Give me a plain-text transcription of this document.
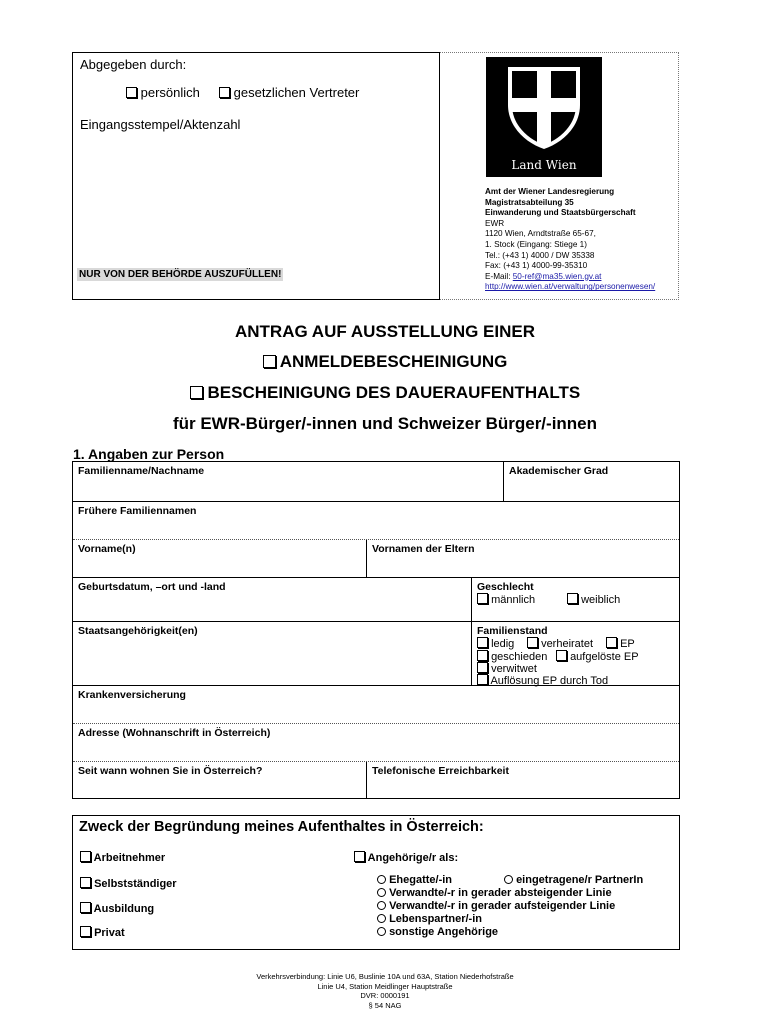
Abgegeben durch:
persönlich	gesetzlichen Vertreter
Eingangsstempel/Aktenzahl
NUR VON DER BEHÖRDE AUSZUFÜLLEN!
Land Wien
Amt der Wiener Landesregierung
Magistratsabteilung 35
Einwanderung und Staatsbürgerschaft
EWR
1120 Wien, Arndtstraße 65-67,
1. Stock (Eingang: Stiege 1)
Tel.: (+43 1) 4000 / DW 35338
Fax: (+43 1) 4000-99-35310
E-Mail: 50-ref@ma35.wien.gv.at
http://www.wien.at/verwaltung/personenwesen/
ANTRAG AUF AUSSTELLUNG EINER
ANMELDEBESCHEINIGUNG
BESCHEINIGUNG DES DAUERAUFENTHALTS
für EWR-Bürger/-innen und Schweizer Bürger/-innen
1. Angaben zur Person
Familienname/Nachname	Akademischer Grad
Frühere Familiennamen
Vorname(n)	Vornamen der Eltern
Geburtsdatum, –ort und -land	Geschlecht
männlich	weiblich
Staatsangehörigkeit(en)	Familienstand
ledig	verheiratet	EP
geschieden	aufgelöste EP
verwitwet
Auflösung EP durch Tod
Krankenversicherung
Adresse (Wohnanschrift in Österreich)
Seit wann wohnen Sie in Österreich?	Telefonische Erreichbarkeit
Zweck der Begründung meines Aufenthaltes in Österreich:
Arbeitnehmer
Selbstständiger
Ausbildung
Privat
Angehörige/r als:
Ehegatte/-in	eingetragene/r PartnerIn
Verwandte/-r in gerader absteigender Linie
Verwandte/-r in gerader aufsteigender Linie
Lebenspartner/-in
sonstige Angehörige
Verkehrsverbindung: Linie U6, Buslinie 10A und 63A, Station Niederhofstraße
Linie U4, Station Meidlinger Hauptstraße
DVR: 0000191
§ 54 NAG
